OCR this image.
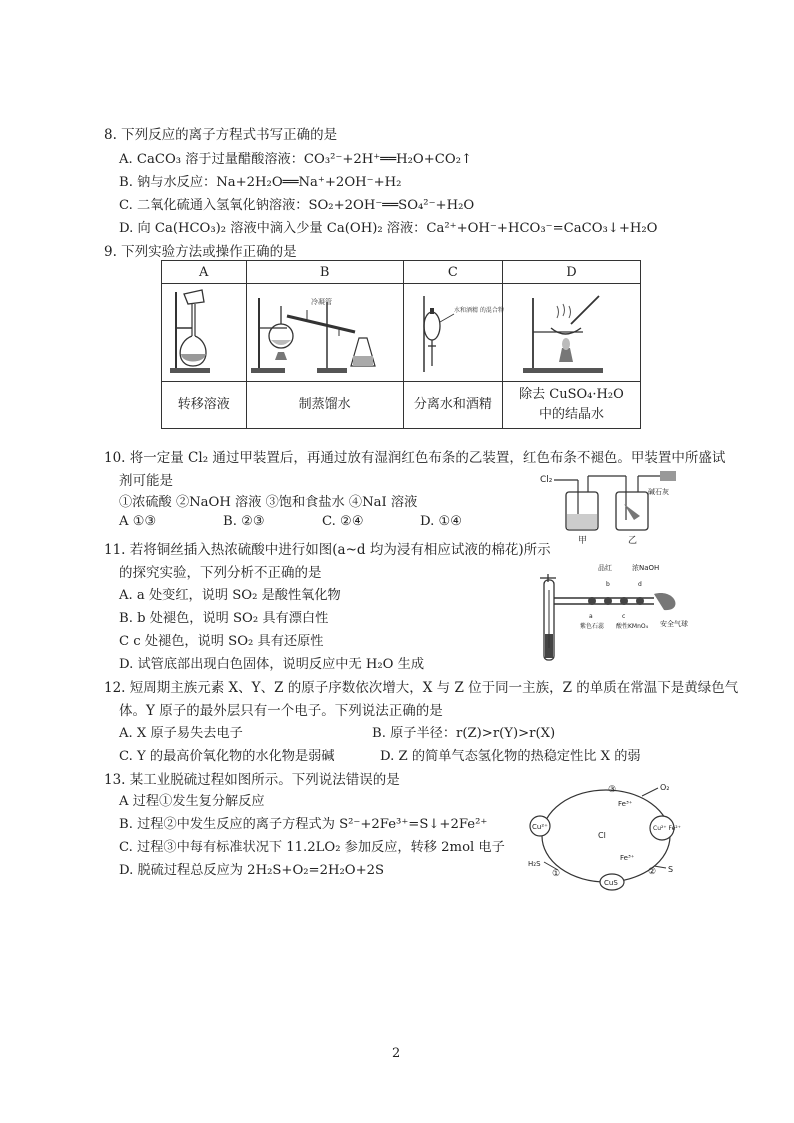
8. 下列反应的离子方程式书写正确的是
A. CaCO₃ 溶于过量醋酸溶液：CO₃²⁻+2H⁺══H₂O+CO₂↑
B. 钠与水反应：Na+2H₂O══Na⁺+2OH⁻+H₂
C. 二氧化硫通入氢氧化钠溶液：SO₂+2OH⁻══SO₄²⁻+H₂O
D. 向 Ca(HCO₃)₂ 溶液中滴入少量 Ca(OH)₂ 溶液：Ca²⁺+OH⁻+HCO₃⁻=CaCO₃↓+H₂O
9. 下列实验方法或操作正确的是
A	B	C	D

冷凝管	水和酒精 的混合物

转移溶液	制蒸馏水	分离水和酒精	除去 CuSO₄·H₂O 中的结晶水
10. 将一定量 Cl₂ 通过甲装置后，再通过放有湿润红色布条的乙装置，红色布条不褪色。甲装置中所盛试
剂可能是
①浓硫酸 ②NaOH 溶液 ③饱和食盐水 ④NaI 溶液
A ①③	B. ②③	C. ②④	D. ①④
Cl₂
碱石灰
甲	乙
11. 若将铜丝插入热浓硫酸中进行如图(a~d 均为浸有相应试液的棉花)所示
的探究实验，下列分析不正确的是
A. a 处变红，说明 SO₂ 是酸性氧化物
B. b 处褪色，说明 SO₂ 具有漂白性
C c 处褪色，说明 SO₂ 具有还原性
D. 试管底部出现白色固体，说明反应中无 H₂O 生成
品红	浓NaOH
a
b
c
d
紫色石蕊 酸性KMnO₄ 安全气球
12. 短周期主族元素 X、Y、Z 的原子序数依次增大，X 与 Z 位于同一主族，Z 的单质在常温下是黄绿色气
体。Y 原子的最外层只有一个电子。下列说法正确的是
A. X 原子易失去电子	B. 原子半径：r(Z)>r(Y)>r(X)
C. Y 的最高价氧化物的水化物是弱碱	D. Z 的简单气态氢化物的热稳定性比 X 的弱
13. 某工业脱硫过程如图所示。下列说法错误的是
A 过程①发生复分解反应
B. 过程②中发生反应的离子方程式为 S²⁻+2Fe³⁺=S↓+2Fe²⁺
C. 过程③中每有标准状况下 11.2LO₂ 参加反应，转移 2mol 电子
D. 脱硫过程总反应为 2H₂S+O₂=2H₂O+2S
Cu²⁺	Cu²⁺ Fe²⁺
CuS
Cl
③
②
①
O₂
Fe³⁺
Fe³⁺
H₂S
S
2
